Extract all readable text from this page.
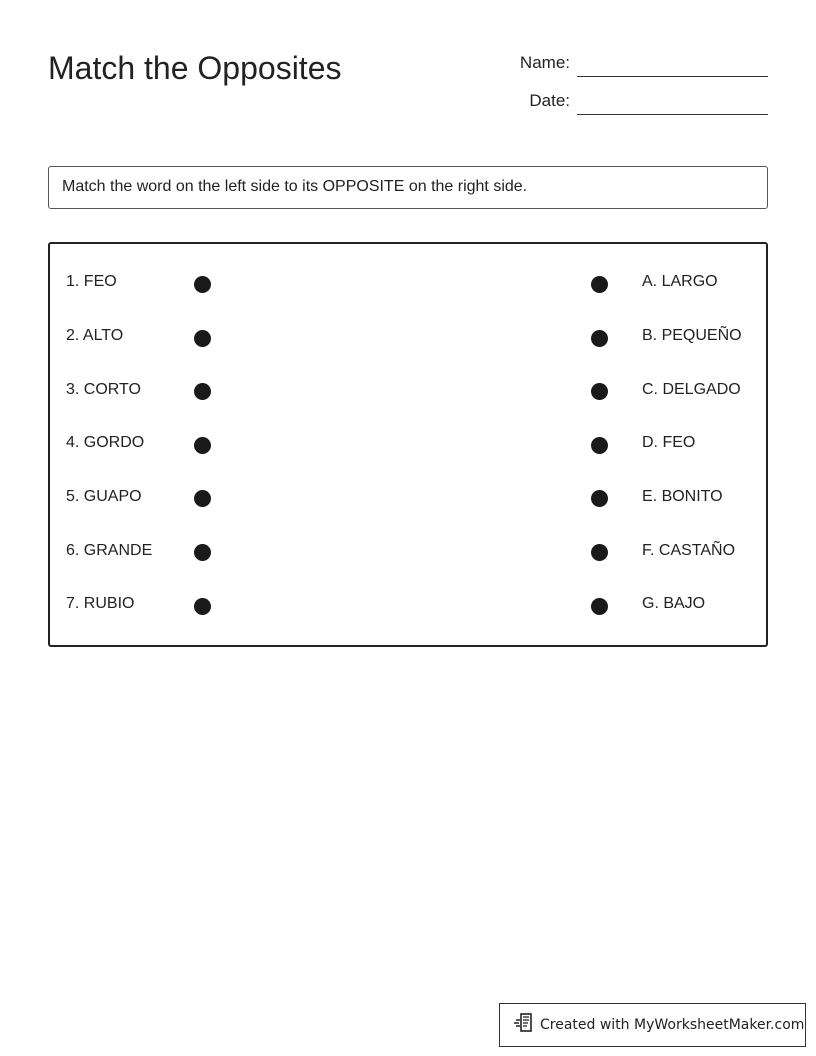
Match the Opposites	Name:
Date:
Match the word on the left side to its OPPOSITE on the right side.
1. FEO
2. ALTO
3. CORTO
4. GORDO
5. GUAPO
6. GRANDE
7. RUBIO
A. LARGO
B. PEQUEÑO
C. DELGADO
D. FEO
E. BONITO
F. CASTAÑO
G. BAJO
Created with MyWorksheetMaker.com
